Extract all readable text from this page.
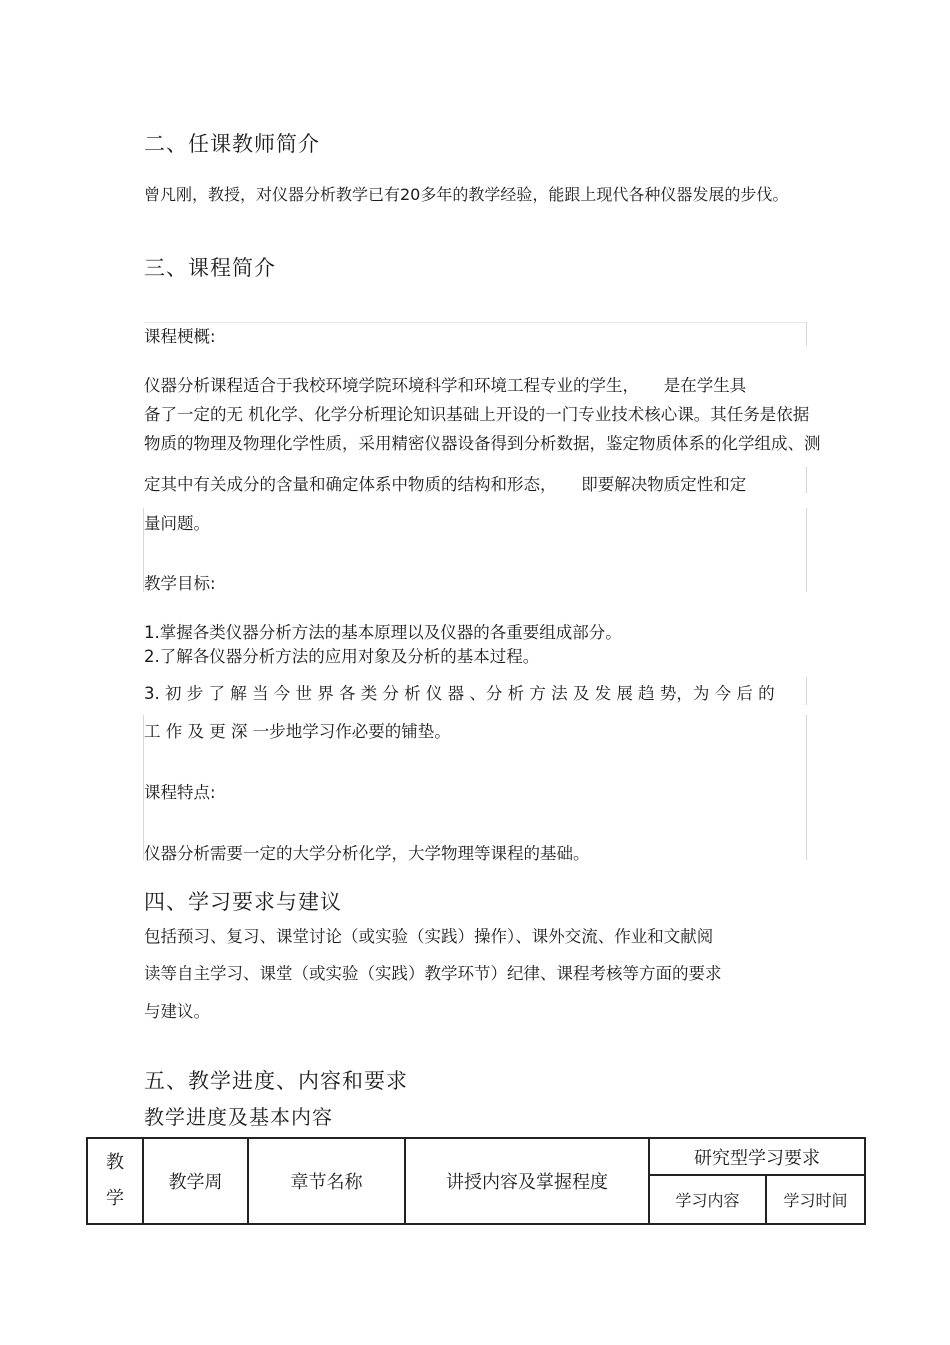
二、任课教师简介
曾凡刚，教授，对仪器分析教学已有20多年的教学经验，能跟上现代各种仪器发展的步伐。
三、课程简介
课程梗概:
仪器分析课程适合于我校环境学院环境科学和环境工程专业的学生，　　是在学生具
备了一定的无 机化学、化学分析理论知识基础上开设的一门专业技术核心课。其任务是依据
物质的物理及物理化学性质，采用精密仪器设备得到分析数据，鉴定物质体系的化学组成、测
定其中有关成分的含量和确定体系中物质的结构和形态，　　即要解决物质定性和定
量问题。
教学目标:
1.掌握各类仪器分析方法的基本原理以及仪器的各重要组成部分。
2.了解各仪器分析方法的应用对象及分析的基本过程。
3. 初 步 了 解 当 今 世 界 各 类 分 析 仪 器 、分 析 方 法 及 发 展 趋 势，为 今 后 的
工 作 及 更 深 一步地学习作必要的铺垫。
课程特点:
仪器分析需要一定的大学分析化学，大学物理等课程的基础。
四、学习要求与建议
包括预习、复习、课堂讨论（或实验（实践）操作）、课外交流、作业和文献阅
读等自主学习、课堂（或实验（实践）教学环节）纪律、课程考核等方面的要求
与建议。
五、教学进度、内容和要求
教学进度及基本内容
教
学	教学周	章节名称	讲授内容及掌握程度	研究型学习要求	
				学习内容	学习时间
